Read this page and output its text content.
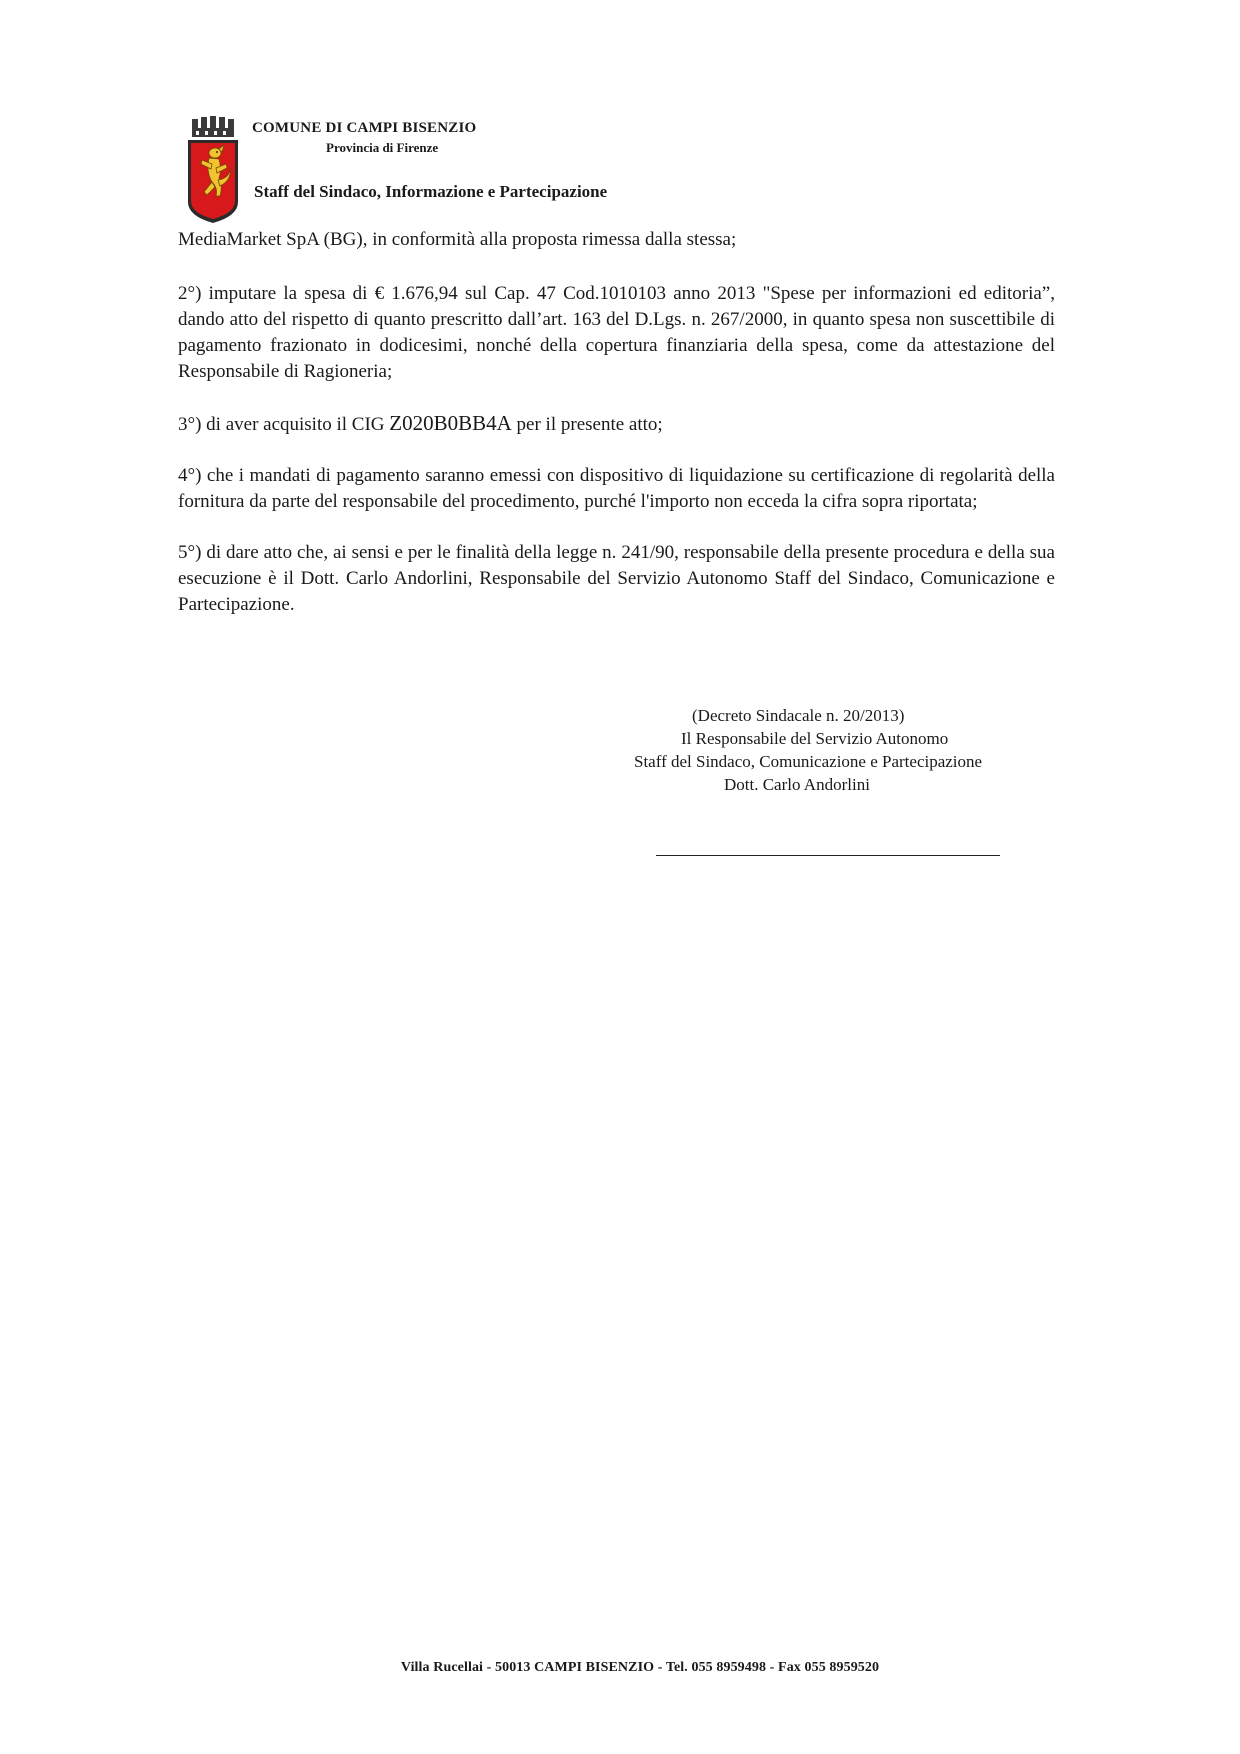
COMUNE DI CAMPI BISENZIO
Provincia di Firenze
Staff del Sindaco, Informazione e Partecipazione

MediaMarket SpA (BG), in conformità alla proposta rimessa dalla stessa;

2°) imputare la spesa di € 1.676,94 sul Cap. 47 Cod.1010103 anno 2013 "Spese per informazioni ed editoria”, dando atto del rispetto di quanto prescritto dall’art. 163 del D.Lgs. n. 267/2000, in quanto spesa non suscettibile di pagamento frazionato in dodicesimi, nonché della copertura finanziaria della spesa, come da attestazione del Responsabile di Ragioneria;

3°) di aver acquisito il CIG Z020B0BB4A per il presente atto;

4°) che i mandati di pagamento saranno emessi con dispositivo di liquidazione su certificazione di regolarità della fornitura da parte del responsabile del procedimento, purché l'importo non ecceda la cifra sopra riportata;

5°) di dare atto che, ai sensi e per le finalità della legge n. 241/90, responsabile della presente procedura e della sua esecuzione è il Dott. Carlo Andorlini, Responsabile del Servizio Autonomo Staff del Sindaco, Comunicazione e Partecipazione.

(Decreto Sindacale n. 20/2013)
Il Responsabile del Servizio Autonomo
Staff del Sindaco, Comunicazione e Partecipazione
Dott. Carlo Andorlini
Villa Rucellai - 50013 CAMPI BISENZIO - Tel. 055 8959498 - Fax 055 8959520
